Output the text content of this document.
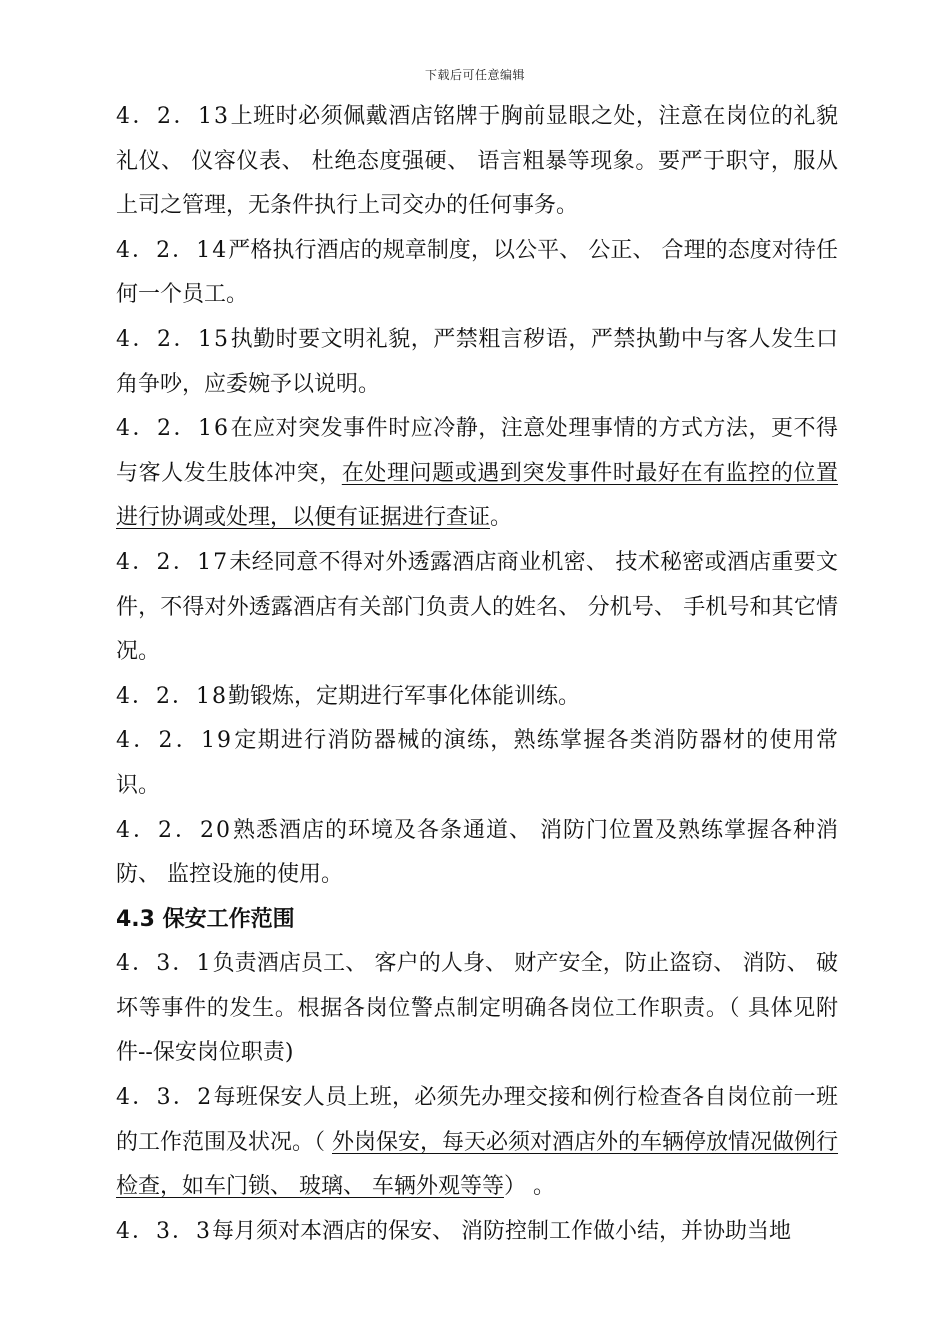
下载后可任意编辑

4．2．13上班时必须佩戴酒店铭牌于胸前显眼之处，注意在岗位的礼貌礼仪、 仪容仪表、 杜绝态度强硬、 语言粗暴等现象。要严于职守，服从上司之管理，无条件执行上司交办的任何事务。

4．2．14严格执行酒店的规章制度，以公平、 公正、 合理的态度对待任何一个员工。

4．2．15执勤时要文明礼貌，严禁粗言秽语，严禁执勤中与客人发生口角争吵，应委婉予以说明。

4．2．16在应对突发事件时应冷静，注意处理事情的方式方法，更不得与客人发生肢体冲突，在处理问题或遇到突发事件时最好在有监控的位置进行协调或处理，以便有证据进行查证。

4．2．17未经同意不得对外透露酒店商业机密、 技术秘密或酒店重要文件，不得对外透露酒店有关部门负责人的姓名、 分机号、 手机号和其它情况。

4．2．18勤锻炼，定期进行军事化体能训练。

4．2．19定期进行消防器械的演练，熟练掌握各类消防器材的使用常识。

4．2．20熟悉酒店的环境及各条通道、 消防门位置及熟练掌握各种消防、 监控设施的使用。

4.3 保安工作范围

4．3．1负责酒店员工、 客户的人身、 财产安全，防止盗窃、 消防、 破坏等事件的发生。根据各岗位警点制定明确各岗位工作职责。（ 具体见附件--保安岗位职责)

4．3．2每班保安人员上班，必须先办理交接和例行检查各自岗位前一班的工作范围及状况。（ 外岗保安，每天必须对酒店外的车辆停放情况做例行检查，如车门锁、 玻璃、 车辆外观等等） 。

4．3．3每月须对本酒店的保安、 消防控制工作做小结，并协助当地
